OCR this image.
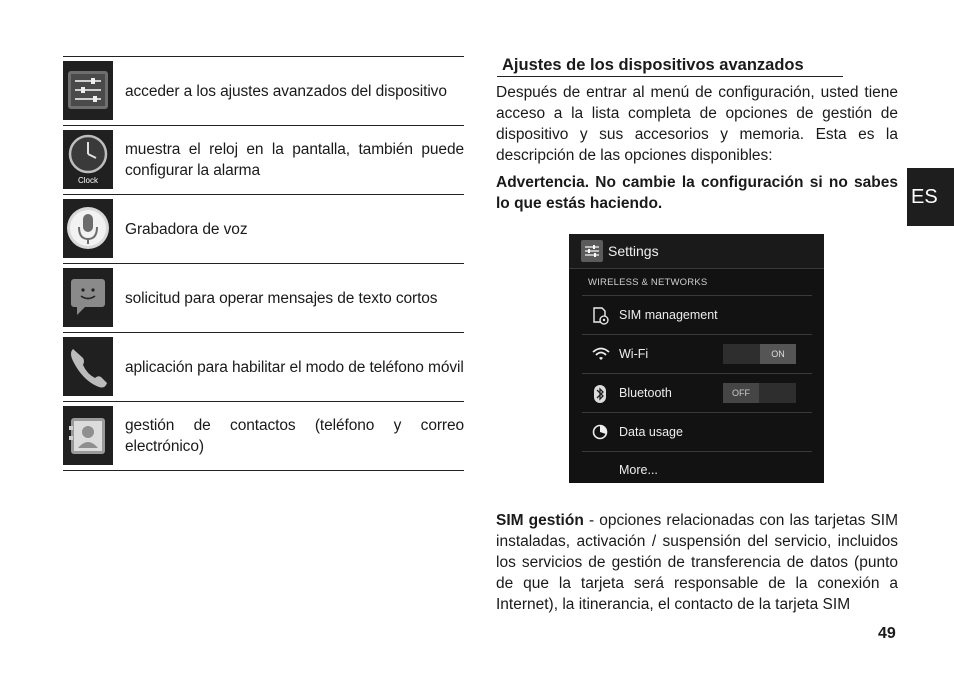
acceder a los ajustes avanzados del dispositivo
Clock
muestra el reloj en la pantalla, también puede configurar la alarma
Grabadora de voz
solicitud para operar mensajes de texto cortos
aplicación para habilitar el modo de teléfono móvil
gestión de contactos (teléfono y correo electrónico)
Ajustes de los dispositivos avanzados
Después de entrar al menú de configuración, usted tiene acceso a la lista completa de opciones de gestión de dispositivo y sus accesorios y memoria. Esta es la descripción de las opciones disponibles:
Advertencia. No cambie la configuración si no sabes lo que estás haciendo.
Settings
WIRELESS & NETWORKS
SIM management
Wi-Fi	ON
Bluetooth	OFF
Data usage
More...
SIM gestión - opciones relacionadas con las tarjetas SIM instaladas, activación / suspensión del servicio, incluidos los servicios de gestión de transferencia de datos (punto de que la tarjeta será responsable de la conexión a Internet), la itinerancia, el contacto de la tarjeta SIM
ES
49
